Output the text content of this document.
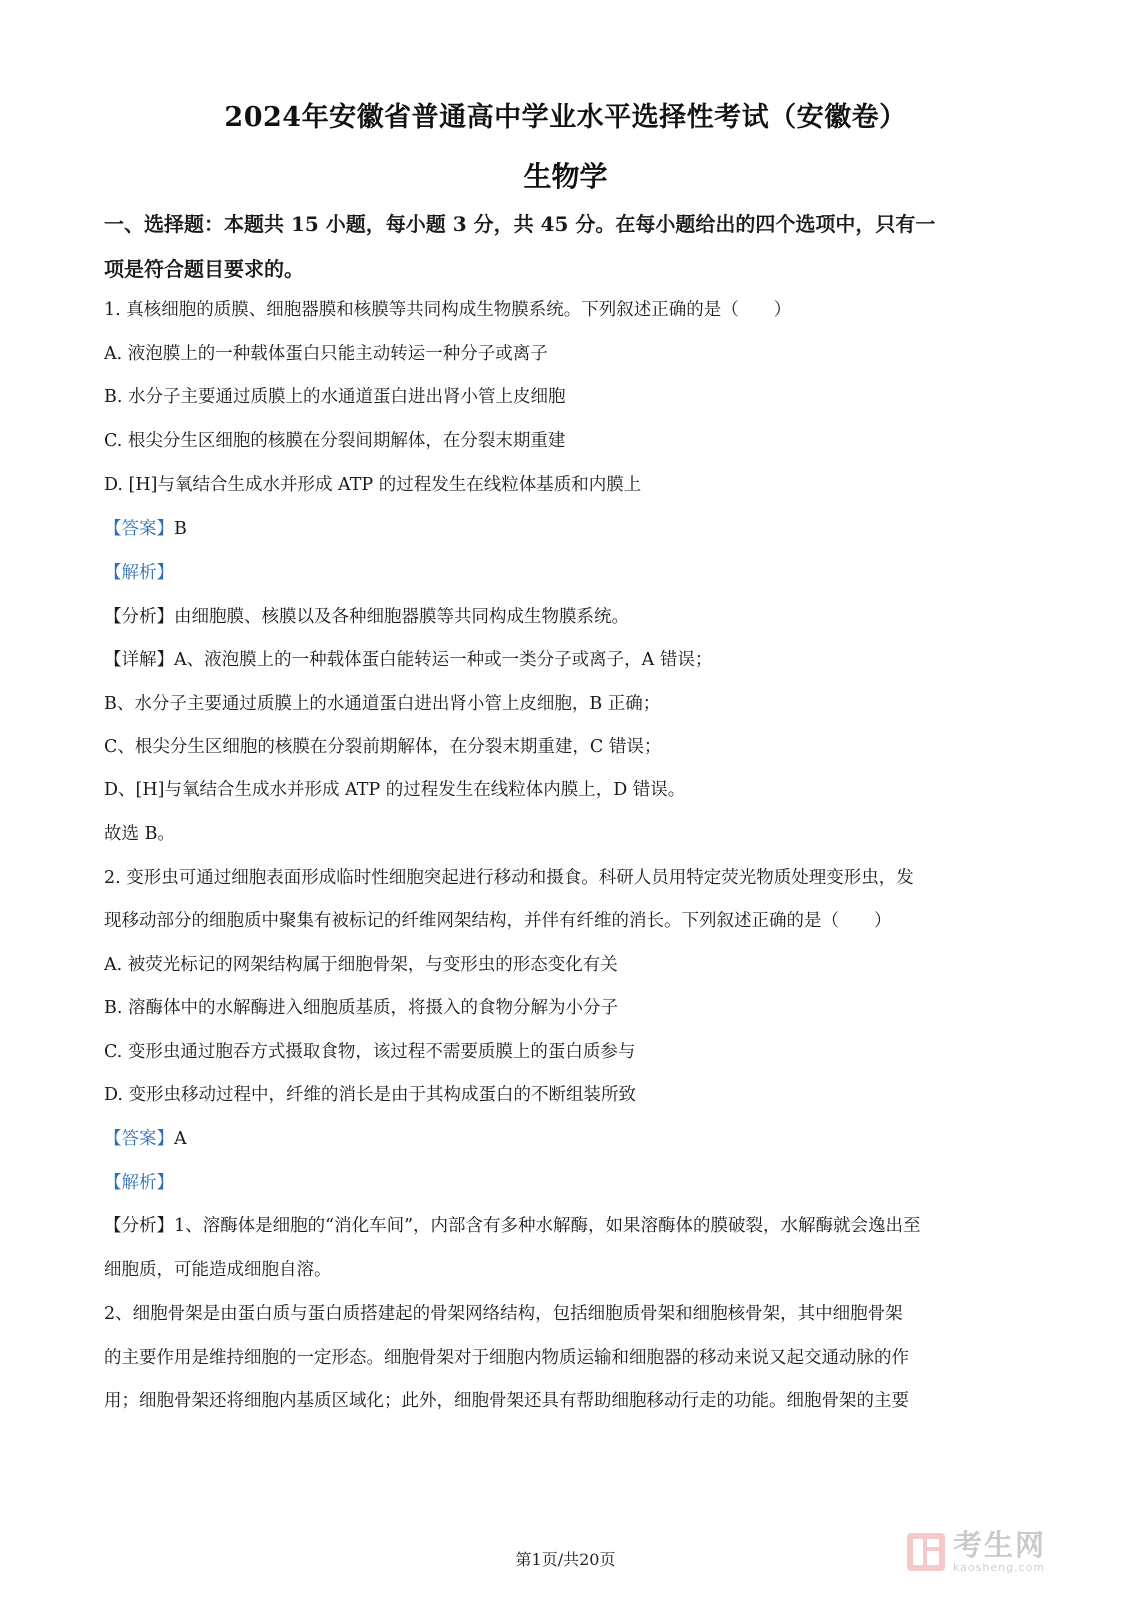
2024年安徽省普通高中学业水平选择性考试（安徽卷）
生物学
一、选择题：本题共 15 小题，每小题 3 分，共 45 分。在每小题给出的四个选项中，只有一
项是符合题目要求的。
1. 真核细胞的质膜、细胞器膜和核膜等共同构成生物膜系统。下列叙述正确的是（　　）
A. 液泡膜上的一种载体蛋白只能主动转运一种分子或离子
B. 水分子主要通过质膜上的水通道蛋白进出肾小管上皮细胞
C. 根尖分生区细胞的核膜在分裂间期解体，在分裂末期重建
D. [H]与氧结合生成水并形成 ATP 的过程发生在线粒体基质和内膜上
【答案】B
【解析】
【分析】由细胞膜、核膜以及各种细胞器膜等共同构成生物膜系统。
【详解】A、液泡膜上的一种载体蛋白能转运一种或一类分子或离子，A 错误；
B、水分子主要通过质膜上的水通道蛋白进出肾小管上皮细胞，B 正确；
C、根尖分生区细胞的核膜在分裂前期解体，在分裂末期重建，C 错误；
D、[H]与氧结合生成水并形成 ATP 的过程发生在线粒体内膜上，D 错误。
故选 B。
2. 变形虫可通过细胞表面形成临时性细胞突起进行移动和摄食。科研人员用特定荧光物质处理变形虫，发
现移动部分的细胞质中聚集有被标记的纤维网架结构，并伴有纤维的消长。下列叙述正确的是（　　）
A. 被荧光标记的网架结构属于细胞骨架，与变形虫的形态变化有关
B. 溶酶体中的水解酶进入细胞质基质，将摄入的食物分解为小分子
C. 变形虫通过胞吞方式摄取食物，该过程不需要质膜上的蛋白质参与
D. 变形虫移动过程中，纤维的消长是由于其构成蛋白的不断组装所致
【答案】A
【解析】
【分析】1、溶酶体是细胞的“消化车间”，内部含有多种水解酶，如果溶酶体的膜破裂，水解酶就会逸出至
细胞质，可能造成细胞自溶。
2、细胞骨架是由蛋白质与蛋白质搭建起的骨架网络结构，包括细胞质骨架和细胞核骨架，其中细胞骨架
的主要作用是维持细胞的一定形态。细胞骨架对于细胞内物质运输和细胞器的移动来说又起交通动脉的作
用；细胞骨架还将细胞内基质区域化；此外，细胞骨架还具有帮助细胞移动行走的功能。细胞骨架的主要
第1页/共20页	考生网
kaosheng.com
